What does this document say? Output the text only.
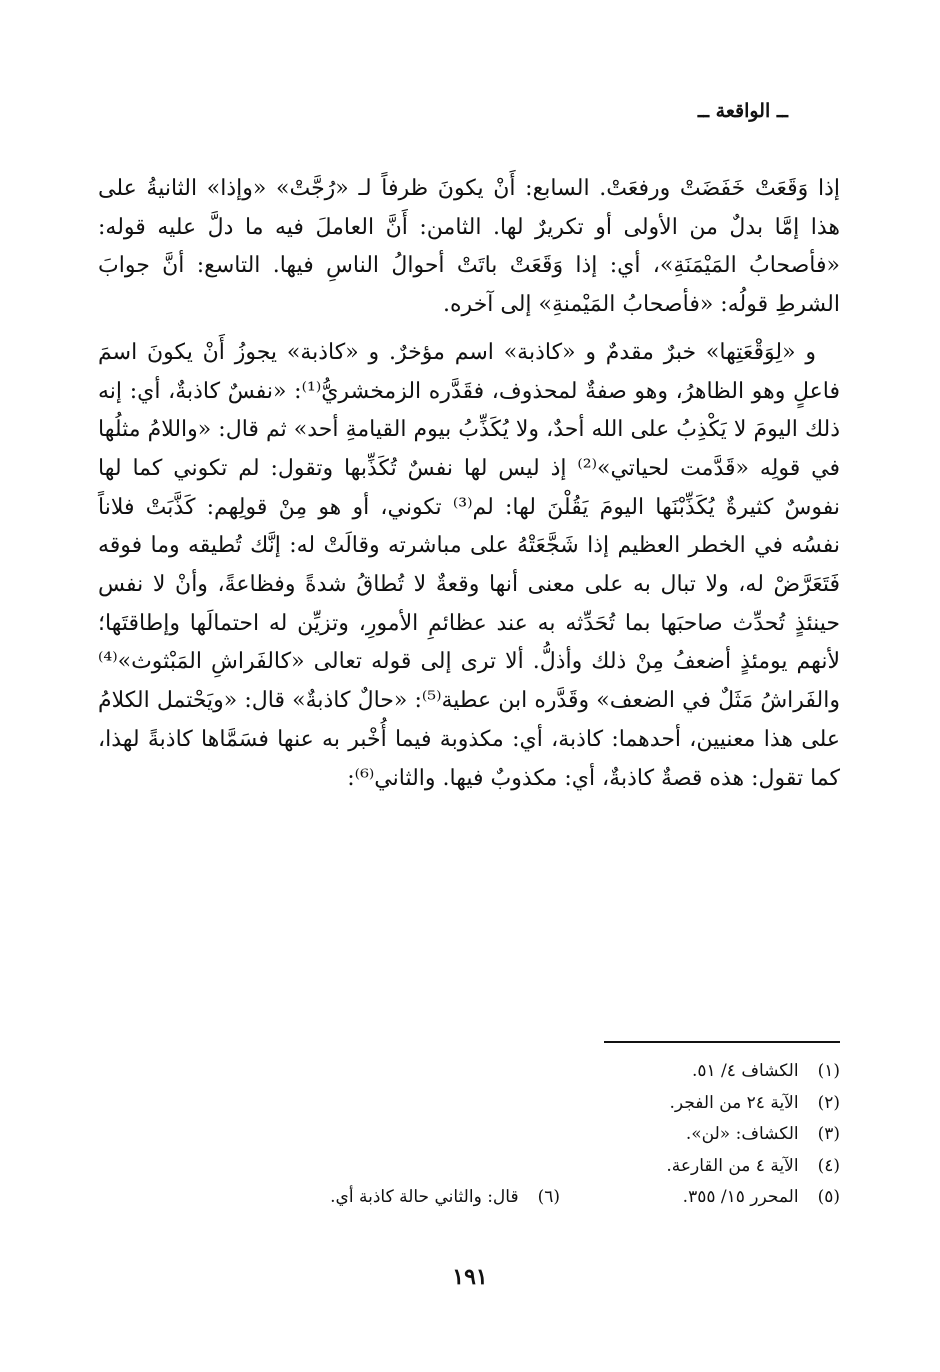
ــ الواقعة ــ

إذا وَقَعَتْ خَفَضَتْ ورفعَتْ. السابع: أَنْ يكونَ ظرفاً لـ «رُجَّتْ» «وإذا» الثانيةُ على هذا إمَّا بدلٌ من الأولى أو تكريرٌ لها. الثامن: أَنَّ العاملَ فيه ما دلَّ عليه قوله: «فأصحابُ المَيْمَنَةِ»، أي: إذا وَقَعَتْ باتَتْ أحوالُ الناسِ فيها. التاسع: أنَّ جوابَ الشرطِ قولُه: «فأصحابُ المَيْمنةِ» إلى آخره.

و «لِوَقْعَتِها» خبرٌ مقدمٌ و «كاذبة» اسم مؤخرٌ. و «كاذبة» يجوزُ أَنْ يكونَ اسمَ فاعلٍ وهو الظاهرُ، وهو صفةٌ لمحذوف، فقَدَّره الزمخشريُّ⁽¹⁾: «نفسٌ كاذبةٌ، أي: إنه ذلك اليومَ لا يَكْذِبُ على الله أحدٌ، ولا يُكَذِّبُ بيوم القيامةِ أحد» ثم قال: «واللامُ مثلُها في قولِه «قَدَّمت لحياتي»⁽²⁾ إذ ليس لها نفسٌ تُكَذِّبها وتقول: لم تكوني كما لها نفوسٌ كثيرةٌ يُكَذِّبْنَها اليومَ يَقُلْنَ لها: لم⁽³⁾ تكوني، أو هو مِنْ قولِهم: كَذَّبَتْ فلاناً نفسُه في الخطر العظيم إذا شَجَّعَتْهُ على مباشرته وقالَتْ له: إنَّك تُطيقه وما فوقه فَتَعَرَّضْ له، ولا تبال به على معنى أنها وقعةٌ لا تُطاقُ شدةً وفظاعةً، وأنْ لا نفس حينئذٍ تُحدِّث صاحبَها بما تُحَدِّثه به عند عظائمِ الأمورِ، وتزيِّن له احتمالَها وإطاقتَها؛ لأنهم يومئذٍ أضعفُ مِنْ ذلك وأذلُّ. ألا ترى إلى قوله تعالى «كالفَراشِ المَبْثوث»⁽⁴⁾ والفَراشُ مَثَلٌ في الضعف» وقَدَّره ابن عطية⁽⁵⁾: «حالٌ كاذبةٌ» قال: «ويَحْتمل الكلامُ على هذا معنيين، أحدهما: كاذبة، أي: مكذوبة فيما أُخْبر به عنها فسَمَّاها كاذبةً لهذا، كما تقول: هذه قصةٌ كاذبةٌ، أي: مكذوبٌ فيها. والثاني⁽⁶⁾:

(١) الكشاف ٤/ ٥١.
(٢) الآية ٢٤ من الفجر.
(٣) الكشاف: «لن».
(٤) الآية ٤ من القارعة.
(٥) المحرر ١٥/ ٣٥٥.
(٦) قال: والثاني حالة كاذبة أي.
١٩١
